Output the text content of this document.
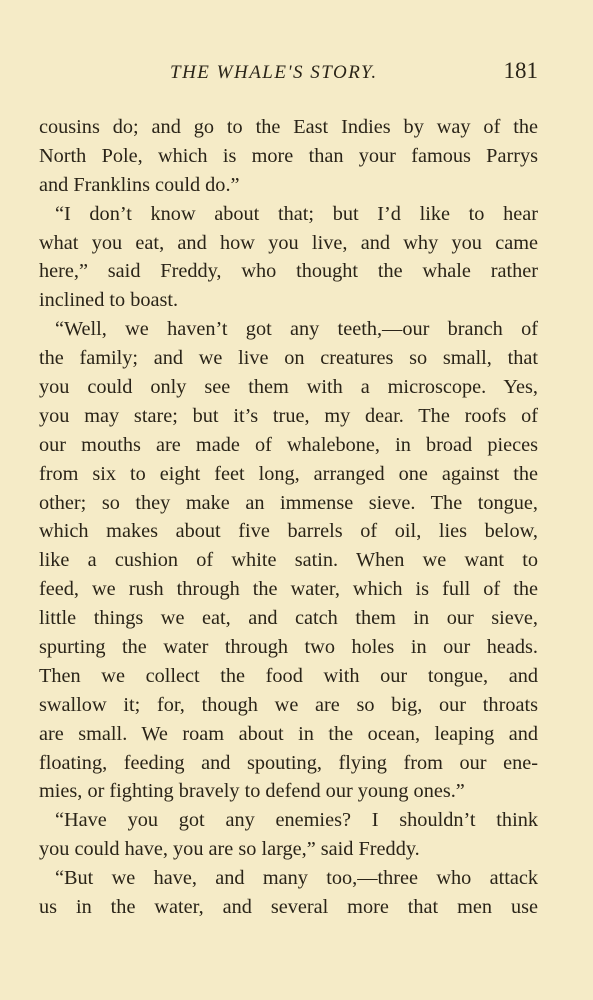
THE WHALE'S STORY.	181
cousins do; and go to the East Indies by way of the
North Pole, which is more than your famous Parrys
and Franklins could do.”
“I don’t know about that; but I’d like to hear
what you eat, and how you live, and why you came
here,” said Freddy, who thought the whale rather
inclined to boast.
“Well, we haven’t got any teeth,—our branch of
the family; and we live on creatures so small, that
you could only see them with a microscope. Yes,
you may stare; but it’s true, my dear. The roofs of
our mouths are made of whalebone, in broad pieces
from six to eight feet long, arranged one against the
other; so they make an immense sieve. The tongue,
which makes about five barrels of oil, lies below,
like a cushion of white satin. When we want to
feed, we rush through the water, which is full of the
little things we eat, and catch them in our sieve,
spurting the water through two holes in our heads.
Then we collect the food with our tongue, and
swallow it; for, though we are so big, our throats
are small. We roam about in the ocean, leaping and
floating, feeding and spouting, flying from our ene-
mies, or fighting bravely to defend our young ones.”
“Have you got any enemies? I shouldn’t think
you could have, you are so large,” said Freddy.
“But we have, and many too,—three who attack
us in the water, and several more that men use
